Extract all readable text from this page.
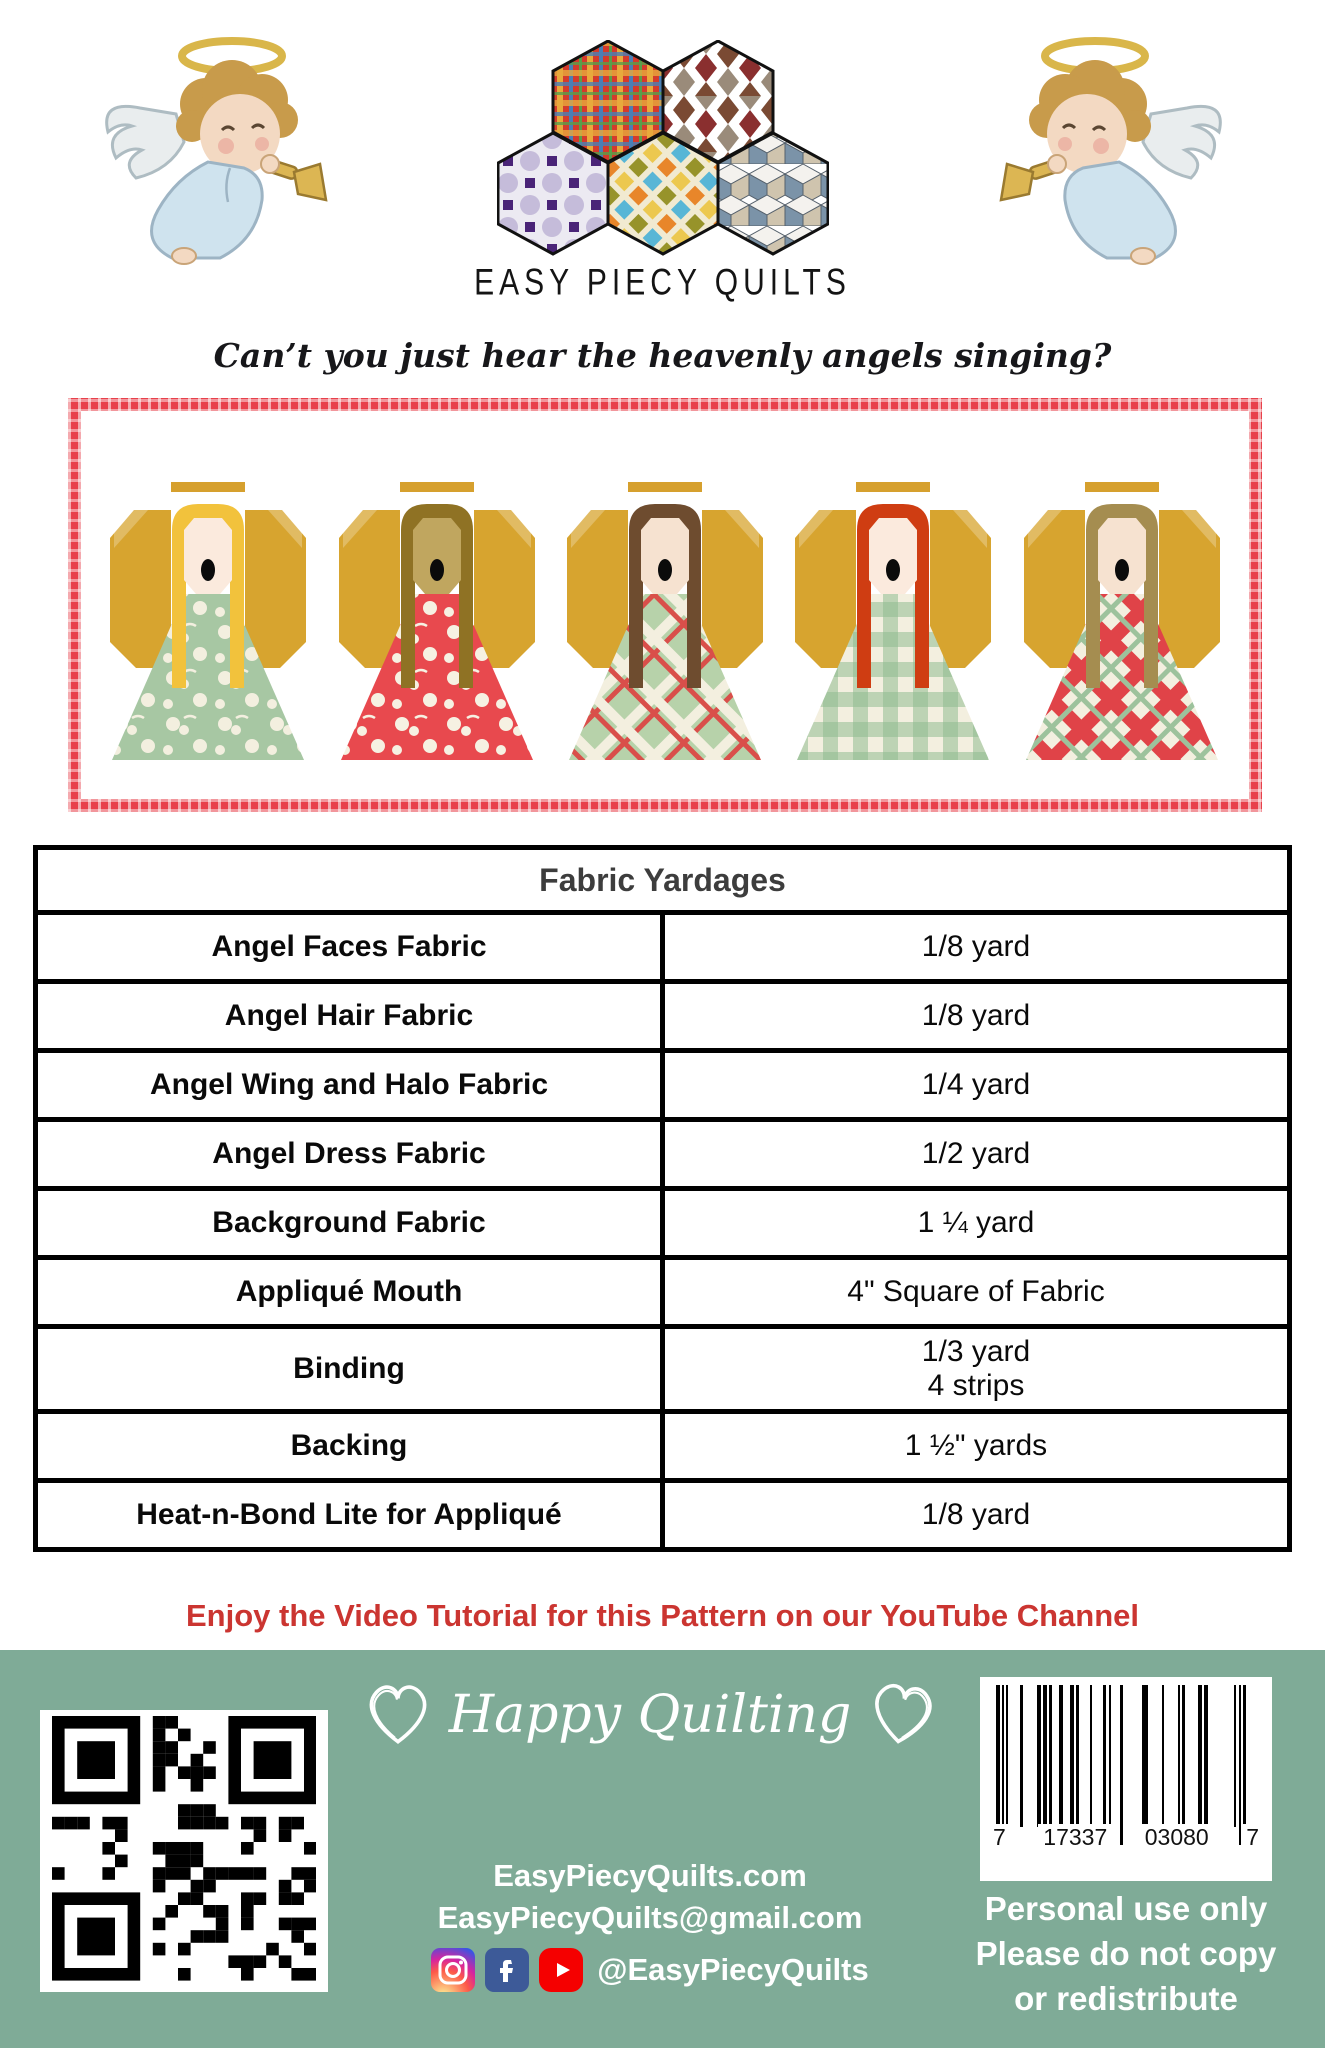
EASY PIECY QUILTS
Can’t you just hear the heavenly angels singing?
Fabric Yardages	
Angel Faces Fabric	1/8 yard
Angel Hair Fabric	1/8 yard
Angel Wing and Halo Fabric	1/4 yard
Angel Dress Fabric	1/2 yard
Background Fabric	1 ¼ yard
Appliqué Mouth	4" Square of Fabric
Binding	1/3 yard
4 strips

Backing	1 ½" yards
Heat-n-Bond Lite for Appliqué	1/8 yard
Enjoy the Video Tutorial for this Pattern on our YouTube Channel
Happy Quilting
EasyPiecyQuilts.com
EasyPiecyQuilts@gmail.com
@EasyPiecyQuilts
7 17337 03080 7
Personal use only
Please do not copy
or redistribute
